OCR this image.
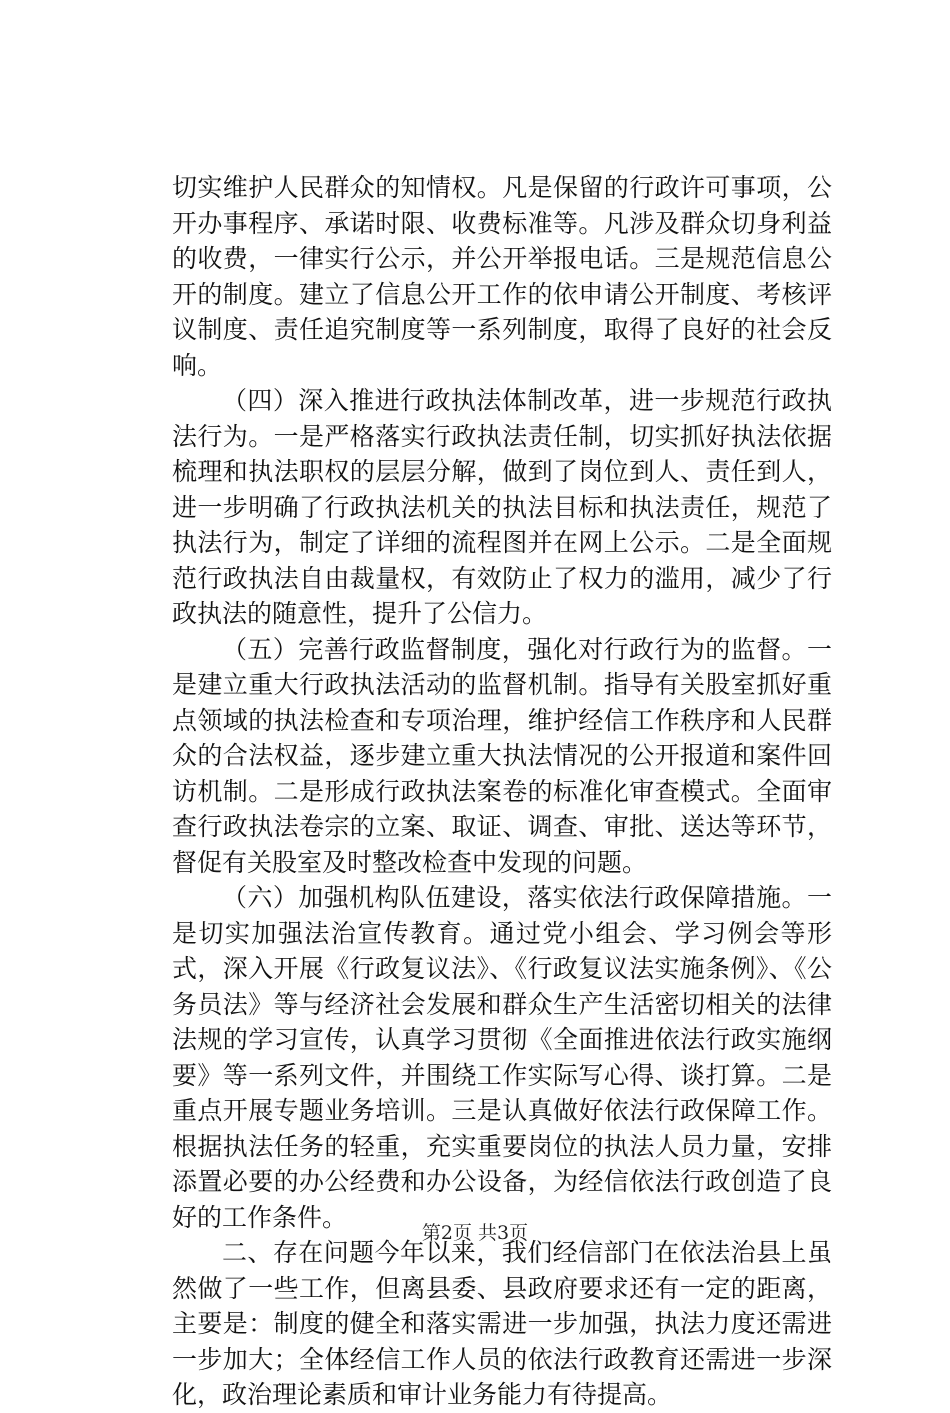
切实维护人民群众的知情权。凡是保留的行政许可事项，公开办事程序、承诺时限、收费标准等。凡涉及群众切身利益的收费，一律实行公示，并公开举报电话。三是规范信息公开的制度。建立了信息公开工作的依申请公开制度、考核评议制度、责任追究制度等一系列制度，取得了良好的社会反响。

（四）深入推进行政执法体制改革，进一步规范行政执法行为。一是严格落实行政执法责任制，切实抓好执法依据梳理和执法职权的层层分解，做到了岗位到人、责任到人，进一步明确了行政执法机关的执法目标和执法责任，规范了执法行为，制定了详细的流程图并在网上公示。二是全面规范行政执法自由裁量权，有效防止了权力的滥用，减少了行政执法的随意性，提升了公信力。

（五）完善行政监督制度，强化对行政行为的监督。一是建立重大行政执法活动的监督机制。指导有关股室抓好重点领域的执法检查和专项治理，维护经信工作秩序和人民群众的合法权益，逐步建立重大执法情况的公开报道和案件回访机制。二是形成行政执法案卷的标准化审查模式。全面审查行政执法卷宗的立案、取证、调查、审批、送达等环节，督促有关股室及时整改检查中发现的问题。

（六）加强机构队伍建设，落实依法行政保障措施。一是切实加强法治宣传教育。通过党小组会、学习例会等形式，深入开展《行政复议法》、《行政复议法实施条例》、《公务员法》等与经济社会发展和群众生产生活密切相关的法律法规的学习宣传，认真学习贯彻《全面推进依法行政实施纲要》等一系列文件，并围绕工作实际写心得、谈打算。二是重点开展专题业务培训。三是认真做好依法行政保障工作。根据执法任务的轻重，充实重要岗位的执法人员力量，安排添置必要的办公经费和办公设备，为经信依法行政创造了良好的工作条件。

二、存在问题今年以来，我们经信部门在依法治县上虽然做了一些工作，但离县委、县政府要求还有一定的距离，主要是：制度的健全和落实需进一步加强，执法力度还需进一步加大；全体经信工作人员的依法行政教育还需进一步深化，政治理论素质和审计业务能力有待提高。

第2页 共3页
